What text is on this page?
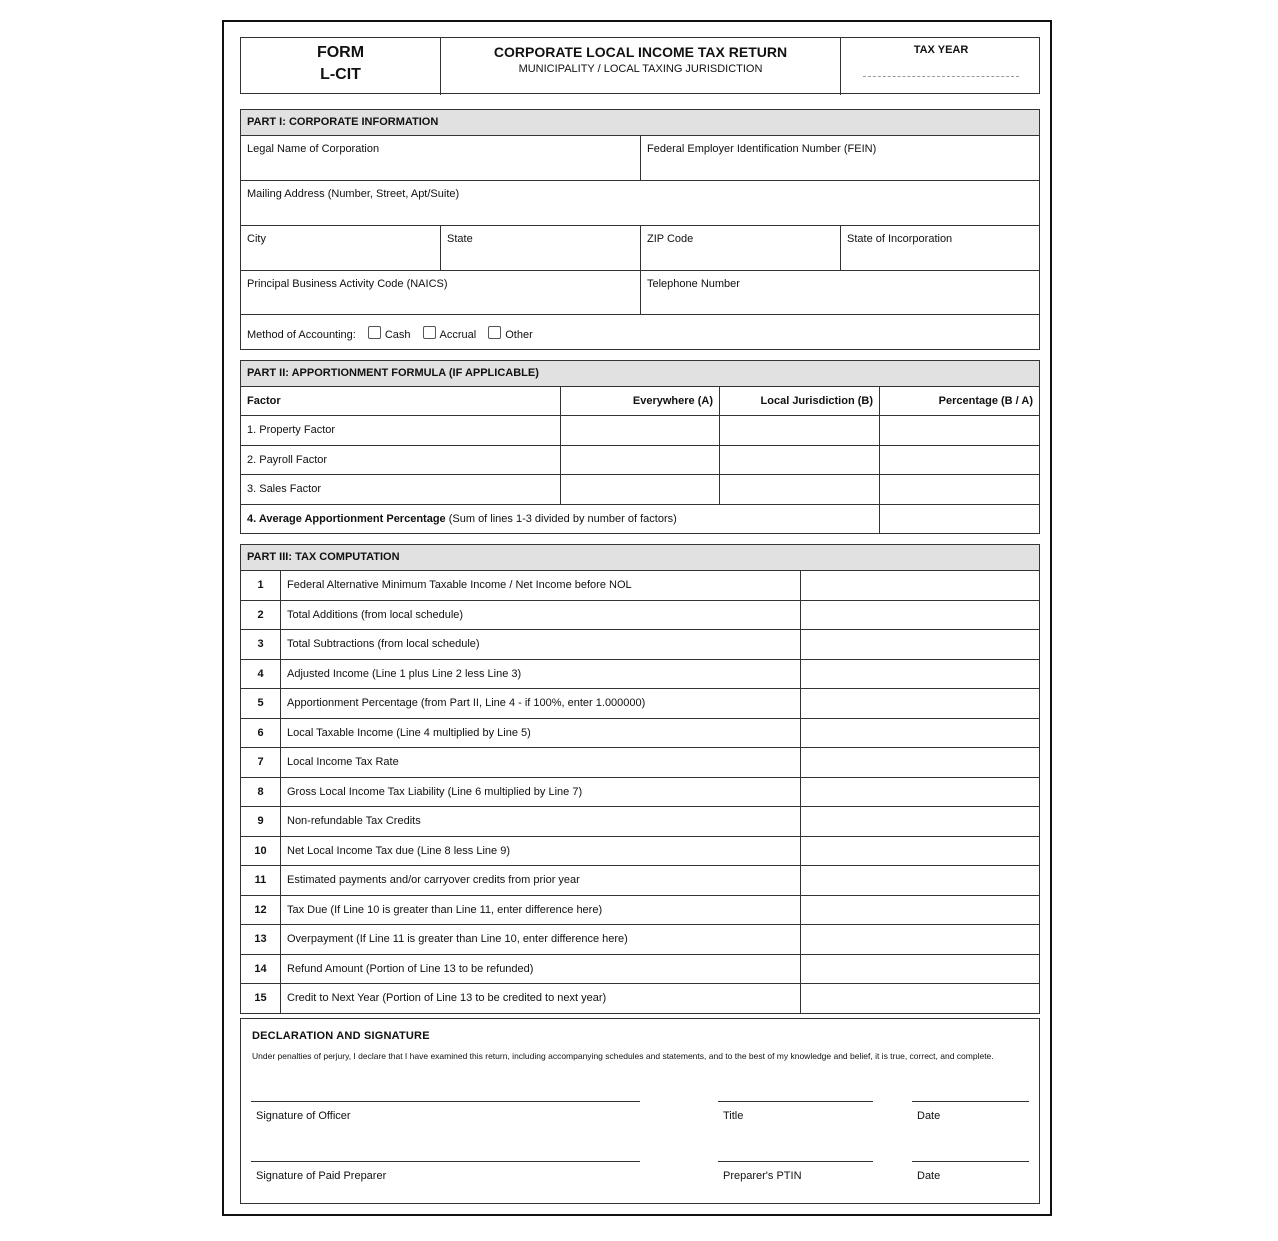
FORM
L-CIT
CORPORATE LOCAL INCOME TAX RETURN
MUNICIPALITY / LOCAL TAXING JURISDICTION
TAX YEAR
PART I: CORPORATE INFORMATION
Legal Name of Corporation	Federal Employer Identification Number (FEIN)
Mailing Address (Number, Street, Apt/Suite)
City	State	ZIP Code	State of Incorporation
Principal Business Activity Code (NAICS)	Telephone Number
Method of Accounting:	Cash	Accrual	Other
PART II: APPORTIONMENT FORMULA (IF APPLICABLE)
Factor	Everywhere (A)	Local Jurisdiction (B)	Percentage (B / A)
1. Property Factor
2. Payroll Factor
3. Sales Factor
4. Average Apportionment Percentage (Sum of lines 1-3 divided by number of factors)
PART III: TAX COMPUTATION
1	Federal Alternative Minimum Taxable Income / Net Income before NOL
2	Total Additions (from local schedule)
3	Total Subtractions (from local schedule)
4	Adjusted Income (Line 1 plus Line 2 less Line 3)
5	Apportionment Percentage (from Part II, Line 4 - if 100%, enter 1.000000)
6	Local Taxable Income (Line 4 multiplied by Line 5)
7	Local Income Tax Rate
8	Gross Local Income Tax Liability (Line 6 multiplied by Line 7)
9	Non-refundable Tax Credits
10	Net Local Income Tax due (Line 8 less Line 9)
11	Estimated payments and/or carryover credits from prior year
12	Tax Due (If Line 10 is greater than Line 11, enter difference here)
13	Overpayment (If Line 11 is greater than Line 10, enter difference here)
14	Refund Amount (Portion of Line 13 to be refunded)
15	Credit to Next Year (Portion of Line 13 to be credited to next year)
DECLARATION AND SIGNATURE
Under penalties of perjury, I declare that I have examined this return, including accompanying schedules and statements, and to the best of my knowledge and belief, it is true, correct, and complete.
Signature of Officer	Title	Date
Signature of Paid Preparer	Preparer's PTIN	Date
